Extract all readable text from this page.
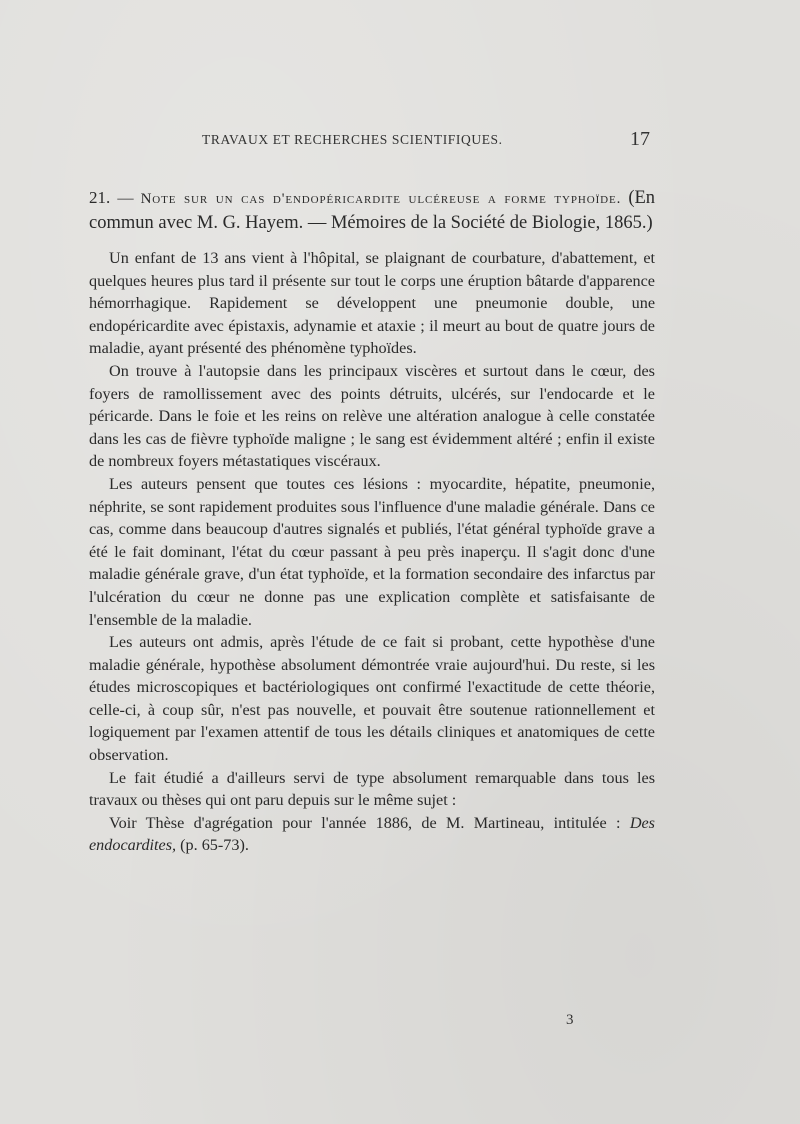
TRAVAUX ET RECHERCHES SCIENTIFIQUES.	17

21. — Note sur un cas d'endopéricardite ulcéreuse a forme typhoïde. (En commun avec M. G. Hayem. — Mémoires de la Société de Biologie, 1865.)

Un enfant de 13 ans vient à l'hôpital, se plaignant de courbature, d'abattement, et quelques heures plus tard il présente sur tout le corps une éruption bâtarde d'apparence hémorrhagique. Rapidement se développent une pneumonie double, une endopéricardite avec épistaxis, adynamie et ataxie ; il meurt au bout de quatre jours de maladie, ayant présenté des phénomène typhoïdes.

On trouve à l'autopsie dans les principaux viscères et surtout dans le cœur, des foyers de ramollissement avec des points détruits, ulcérés, sur l'endocarde et le péricarde. Dans le foie et les reins on relève une altération analogue à celle constatée dans les cas de fièvre typhoïde maligne ; le sang est évidemment altéré ; enfin il existe de nombreux foyers métastatiques viscéraux.

Les auteurs pensent que toutes ces lésions : myocardite, hépatite, pneumonie, néphrite, se sont rapidement produites sous l'influence d'une maladie générale. Dans ce cas, comme dans beaucoup d'autres signalés et publiés, l'état général typhoïde grave a été le fait dominant, l'état du cœur passant à peu près inaperçu. Il s'agit donc d'une maladie générale grave, d'un état typhoïde, et la formation secondaire des infarctus par l'ulcération du cœur ne donne pas une explication complète et satisfaisante de l'ensemble de la maladie.

Les auteurs ont admis, après l'étude de ce fait si probant, cette hypothèse d'une maladie générale, hypothèse absolument démontrée vraie aujourd'hui. Du reste, si les études microscopiques et bactériologiques ont confirmé l'exactitude de cette théorie, celle-ci, à coup sûr, n'est pas nouvelle, et pouvait être soutenue rationnellement et logiquement par l'examen attentif de tous les détails cliniques et anatomiques de cette observation.

Le fait étudié a d'ailleurs servi de type absolument remarquable dans tous les travaux ou thèses qui ont paru depuis sur le même sujet :

Voir Thèse d'agrégation pour l'année 1886, de M. Martineau, intitulée : Des endocardites, (p. 65-73).

3
